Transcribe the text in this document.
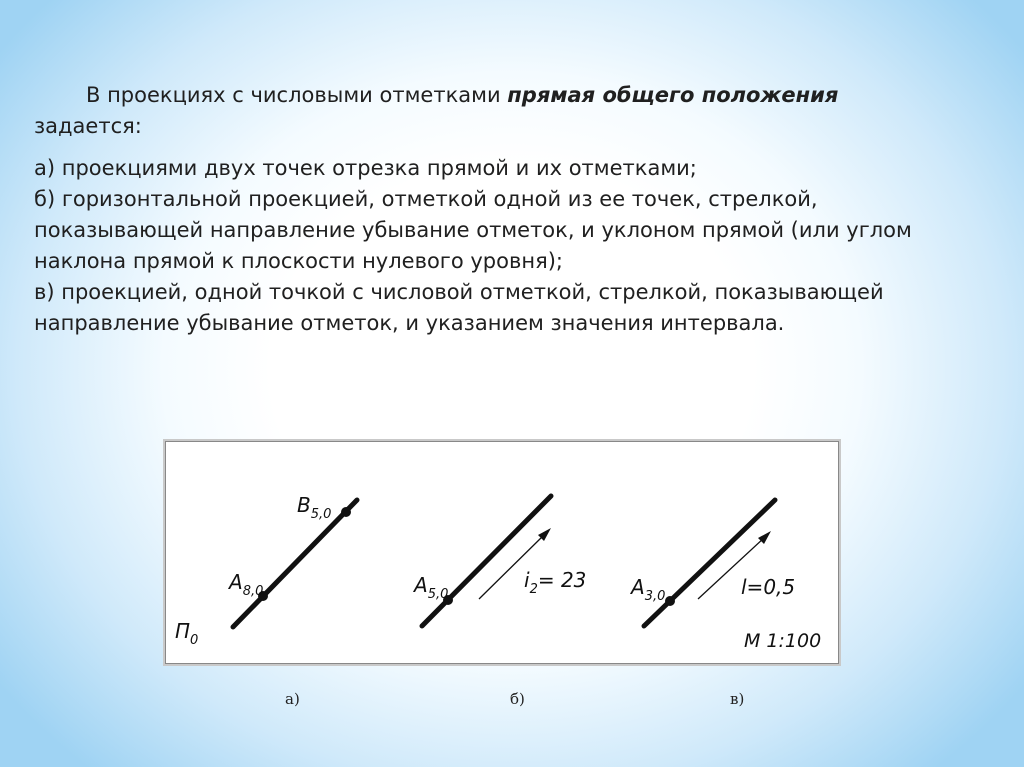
В проекциях с числовыми отметками прямая общего положения
задается:

а) проекциями двух точек отрезка прямой и их отметками;

б) горизонтальной проекцией, отметкой одной из ее точек, стрелкой,

показывающей направление убывание отметок, и уклоном прямой (или углом

наклона прямой к плоскости нулевого уровня);

в) проекцией, одной точкой с числовой отметкой, стрелкой, показывающей

направление убывание отметок, и указанием значения интервала.

$B_{5,0}$
$A_{8,0}$
$П_0$
$A_{5,0}$
$i_2= 23$ $A_{3,0}$	l=0,5
М 1:100
а)	б)	в)
